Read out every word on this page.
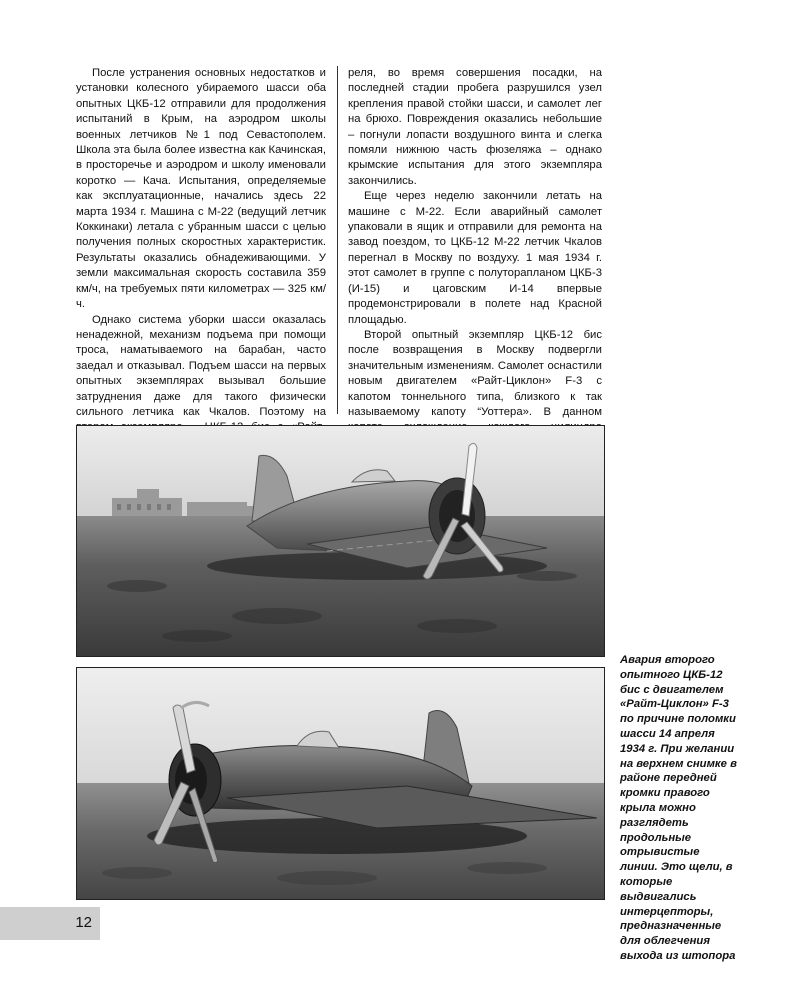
После устранения основных недостатков и установки колесного убираемого шасси оба опытных ЦКБ-12 отправили для продолжения испытаний в Крым, на аэродром школы военных летчиков №1 под Севастополем. Школа эта была более известна как Качинская, в просторечье и аэродром и школу именовали коротко — Кача. Испытания, определяемые как эксплуатационные, начались здесь 22 марта 1934 г. Машина с М-22 (ведущий летчик Коккинаки) летала с убранным шасси с целью получения полных скоростных характеристик. Результаты оказались обнадеживающими. У земли максимальная скорость составила 359 км/ч, на требуемых пяти километрах — 325 км/ч.

Однако система уборки шасси оказалась ненадежной, механизм подъема при помощи троса, наматываемого на барабан, часто заедал и отказывал. Подъем шасси на первых опытных экземплярах вызывал большие затруднения даже для такого физически сильного летчика как Чкалов. Поэтому на

реля, во время совершения посадки, на последней стадии пробега разрушился узел крепления правой стойки шасси, и самолет лег на брюхо. Повреждения оказались небольшие – погнули лопасти воздушного винта и слегка помяли нижнюю часть фюзеляжа – однако крымские испытания для этого экземпляра закончились.

Еще через неделю закончили летать на машине с М-22. Если аварийный самолет упаковали в ящик и отправили для ремонта на завод поездом, то ЦКБ-12 М-22 летчик Чкалов перегнал в Москву по воздуху. 1 мая 1934 г. этот самолет в группе с полуторапланом ЦКБ-3 (И-15) и цаговским И-14 впервые продемонстрировали в полете над Красной площадью.

Второй опытный экземпляр ЦКБ-12 бис после возвращения в Москву подвергли значительным изменениям. Самолет оснастили новым двигателем «Райт-Циклон» F-3 с капотом тоннельного типа, близкого к так называемому капоту “Уоттера». В данном

Авария второго опытного ЦКБ-12 бис с двигателем «Райт-Циклон» F-3 по причине поломки шасси 14 апреля 1934 г. При желании на верхнем снимке в районе передней кромки правого крыла можно разглядеть продольные отрывистые линии. Это щели, в которые выдвигались интерцепторы, предназначенные для облегчения выхода из штопора
12
